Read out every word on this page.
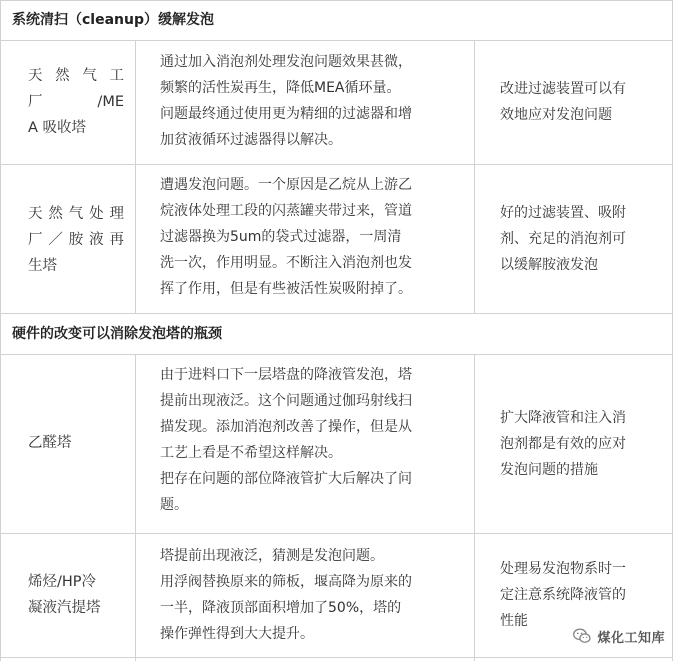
系统清扫（cleanup）缓解发泡

天 然 气 工

厂　　/ME

A 吸收塔

通过加入消泡剂处理发泡问题效果甚微，

频繁的活性炭再生，降低MEA循环量。

问题最终通过使用更为精细的过滤器和增

加贫液循环过滤器得以解决。

改进过滤装置可以有

效地应对发泡问题

天然气处理

厂／胺液再

生塔

遭遇发泡问题。一个原因是乙烷从上游乙

烷液体处理工段的闪蒸罐夹带过来，管道

过滤器换为5um的袋式过滤器，一周清

洗一次，作用明显。不断注入消泡剂也发

挥了作用，但是有些被活性炭吸附掉了。

好的过滤装置、吸附

剂、充足的消泡剂可

以缓解胺液发泡

硬件的改变可以消除发泡塔的瓶颈

乙醛塔

由于进料口下一层塔盘的降液管发泡，塔

提前出现液泛。这个问题通过伽玛射线扫

描发现。添加消泡剂改善了操作，但是从

工艺上看是不希望这样解决。

把存在问题的部位降液管扩大后解决了问

题。

扩大降液管和注入消

泡剂都是有效的应对

发泡问题的措施

烯烃/HP冷

凝液汽提塔

塔提前出现液泛，猜测是发泡问题。

用浮阀替换原来的筛板，堰高降为原来的

一半，降液顶部面积增加了50%，塔的

操作弹性得到大大提升。

处理易发泡物系时一

定注意系统降液管的

性能

煤化工知库
